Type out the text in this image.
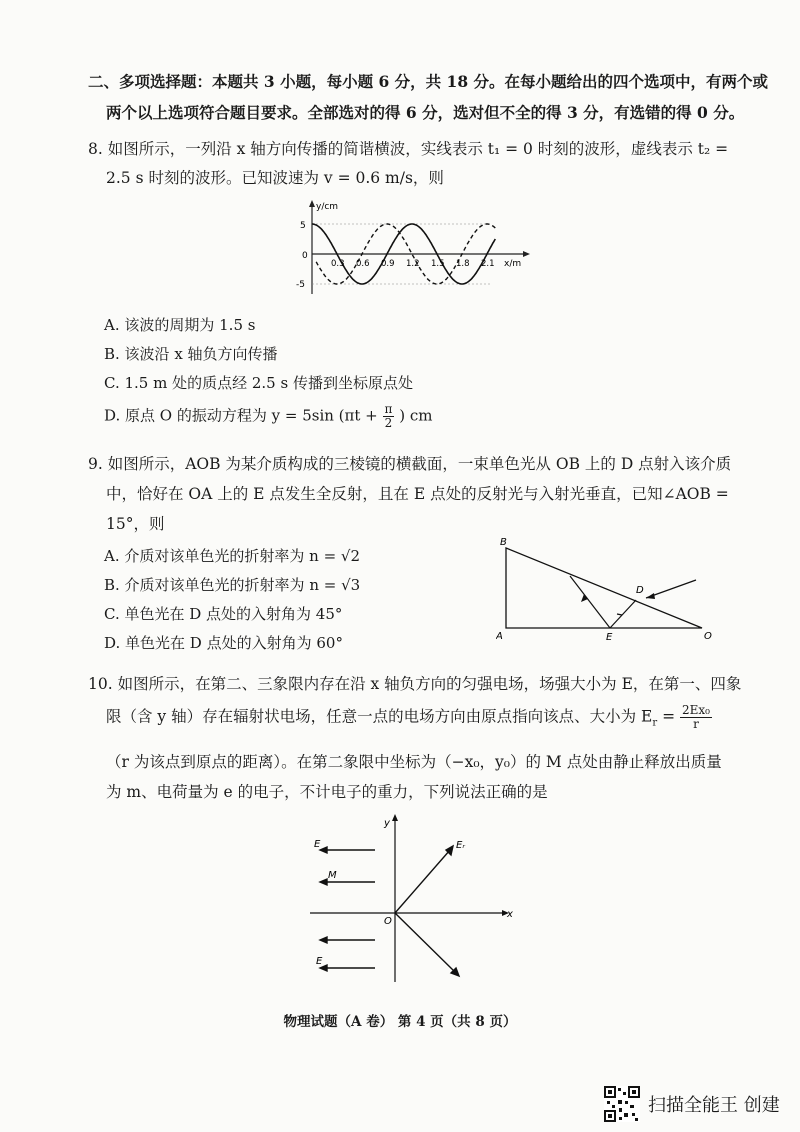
二、多项选择题：本题共 3 小题，每小题 6 分，共 18 分。在每小题给出的四个选项中，有两个或
两个以上选项符合题目要求。全部选对的得 6 分，选对但不全的得 3 分，有选错的得 0 分。
8. 如图所示，一列沿 x 轴方向传播的简谐横波，实线表示 t₁ = 0 时刻的波形，虚线表示 t₂ =
2.5 s 时刻的波形。已知波速为 v = 0.6 m/s，则
y/cm
5
-5
0
x/m
0.3 0.6 0.9 1.2 1.5 1.8 2.1
A. 该波的周期为 1.5 s
B. 该波沿 x 轴负方向传播
C. 1.5 m 处的质点经 2.5 s 传播到坐标原点处
D. 原点 O 的振动方程为 y = 5sin ($\pi t + \frac{\pi}{2}$ ) cm
9. 如图所示，AOB 为某介质构成的三棱镜的横截面，一束单色光从 OB 上的 D 点射入该介质
中，恰好在 OA 上的 E 点发生全反射，且在 E 点处的反射光与入射光垂直，已知∠AOB =
15°，则
A. 介质对该单色光的折射率为 n = √2
B. 介质对该单色光的折射率为 n = √3
C. 单色光在 D 点处的入射角为 45°
D. 单色光在 D 点处的入射角为 60°
B
A	O
D
E
10. 如图所示，在第二、三象限内存在沿 x 轴负方向的匀强电场，场强大小为 E，在第一、四象
限（含 y 轴）存在辐射状电场，任意一点的电场方向由原点指向该点、大小为 $E_r = \frac{\text{2Ex₀}}{r}$
（r 为该点到原点的距离）。在第二象限中坐标为（−x₀，y₀）的 M 点处由静止释放出质量
为 m、电荷量为 e 的电子，不计电子的重力，下列说法正确的是
y
x
O
E
M
E
Eᵣ
物理试题（A 卷） 第 4 页（共 8 页）
扫描全能王 创建
